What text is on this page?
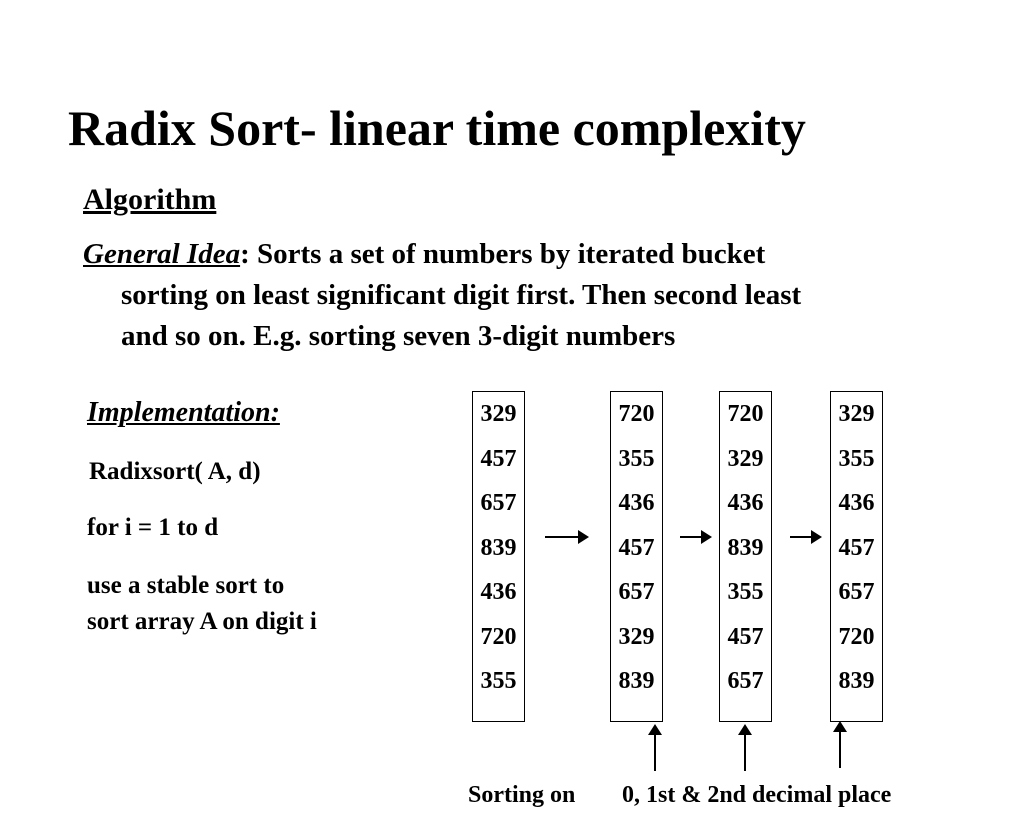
Radix Sort- linear time complexity
Algorithm
General Idea: Sorts a set of numbers by iterated bucket
sorting on least significant digit first. Then second least
and so on. E.g. sorting seven 3-digit numbers
Implementation:
Radixsort( A, d)
for i = 1 to d
use a stable sort to
sort array A on digit i
329
457
657
839
436
720
355
720
355
436
457
657
329
839
720
329
436
839
355
457
657
329
355
436
457
657
720
839
Sorting on 0, 1st & 2nd decimal place
